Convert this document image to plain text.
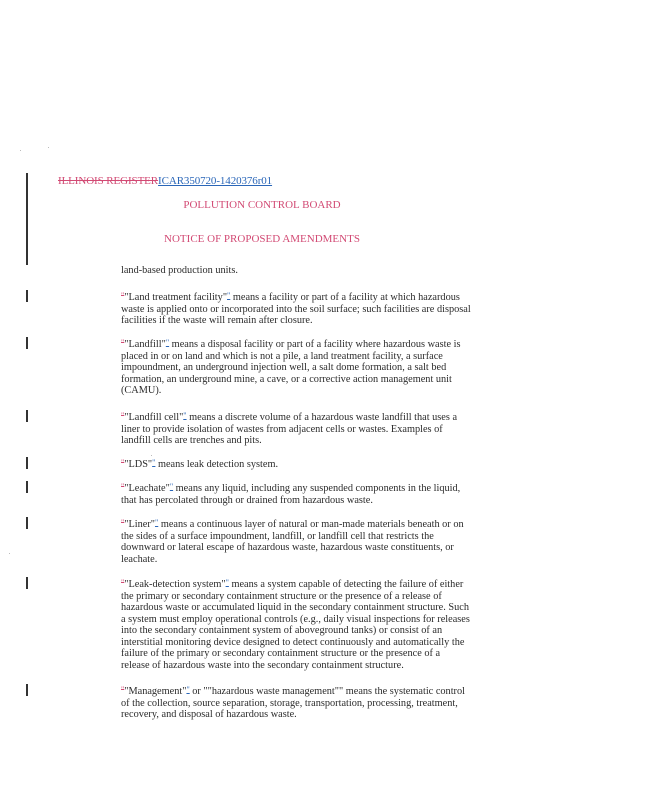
ILLINOIS REGISTERICAR350720-1420376r01
POLLUTION CONTROL BOARD
NOTICE OF PROPOSED AMENDMENTS
land-based production units.
""Land treatment facility"" means a facility or part of a facility at which hazardous waste is applied onto or incorporated into the soil surface; such facilities are disposal facilities if the waste will remain after closure.
""Landfill"" means a disposal facility or part of a facility where hazardous waste is placed in or on land and which is not a pile, a land treatment facility, a surface impoundment, an underground injection well, a salt dome formation, a salt bed formation, an underground mine, a cave, or a corrective action management unit (CAMU).
""Landfill cell"" means a discrete volume of a hazardous waste landfill that uses a liner to provide isolation of wastes from adjacent cells or wastes. Examples of landfill cells are trenches and pits.
""LDS"" means leak detection system.
""Leachate"" means any liquid, including any suspended components in the liquid, that has percolated through or drained from hazardous waste.
""Liner"" means a continuous layer of natural or man-made materials beneath or on the sides of a surface impoundment, landfill, or landfill cell that restricts the downward or lateral escape of hazardous waste, hazardous waste constituents, or leachate.
""Leak-detection system"" means a system capable of detecting the failure of either the primary or secondary containment structure or the presence of a release of hazardous waste or accumulated liquid in the secondary containment structure. Such a system must employ operational controls (e.g., daily visual inspections for releases into the secondary containment system of aboveground tanks) or consist of an interstitial monitoring device designed to detect continuously and automatically the failure of the primary or secondary containment structure or the presence of a release of hazardous waste into the secondary containment structure.
""Management"" or ""hazardous waste management"" means the systematic control of the collection, source separation, storage, transportation, processing, treatment, recovery, and disposal of hazardous waste.
